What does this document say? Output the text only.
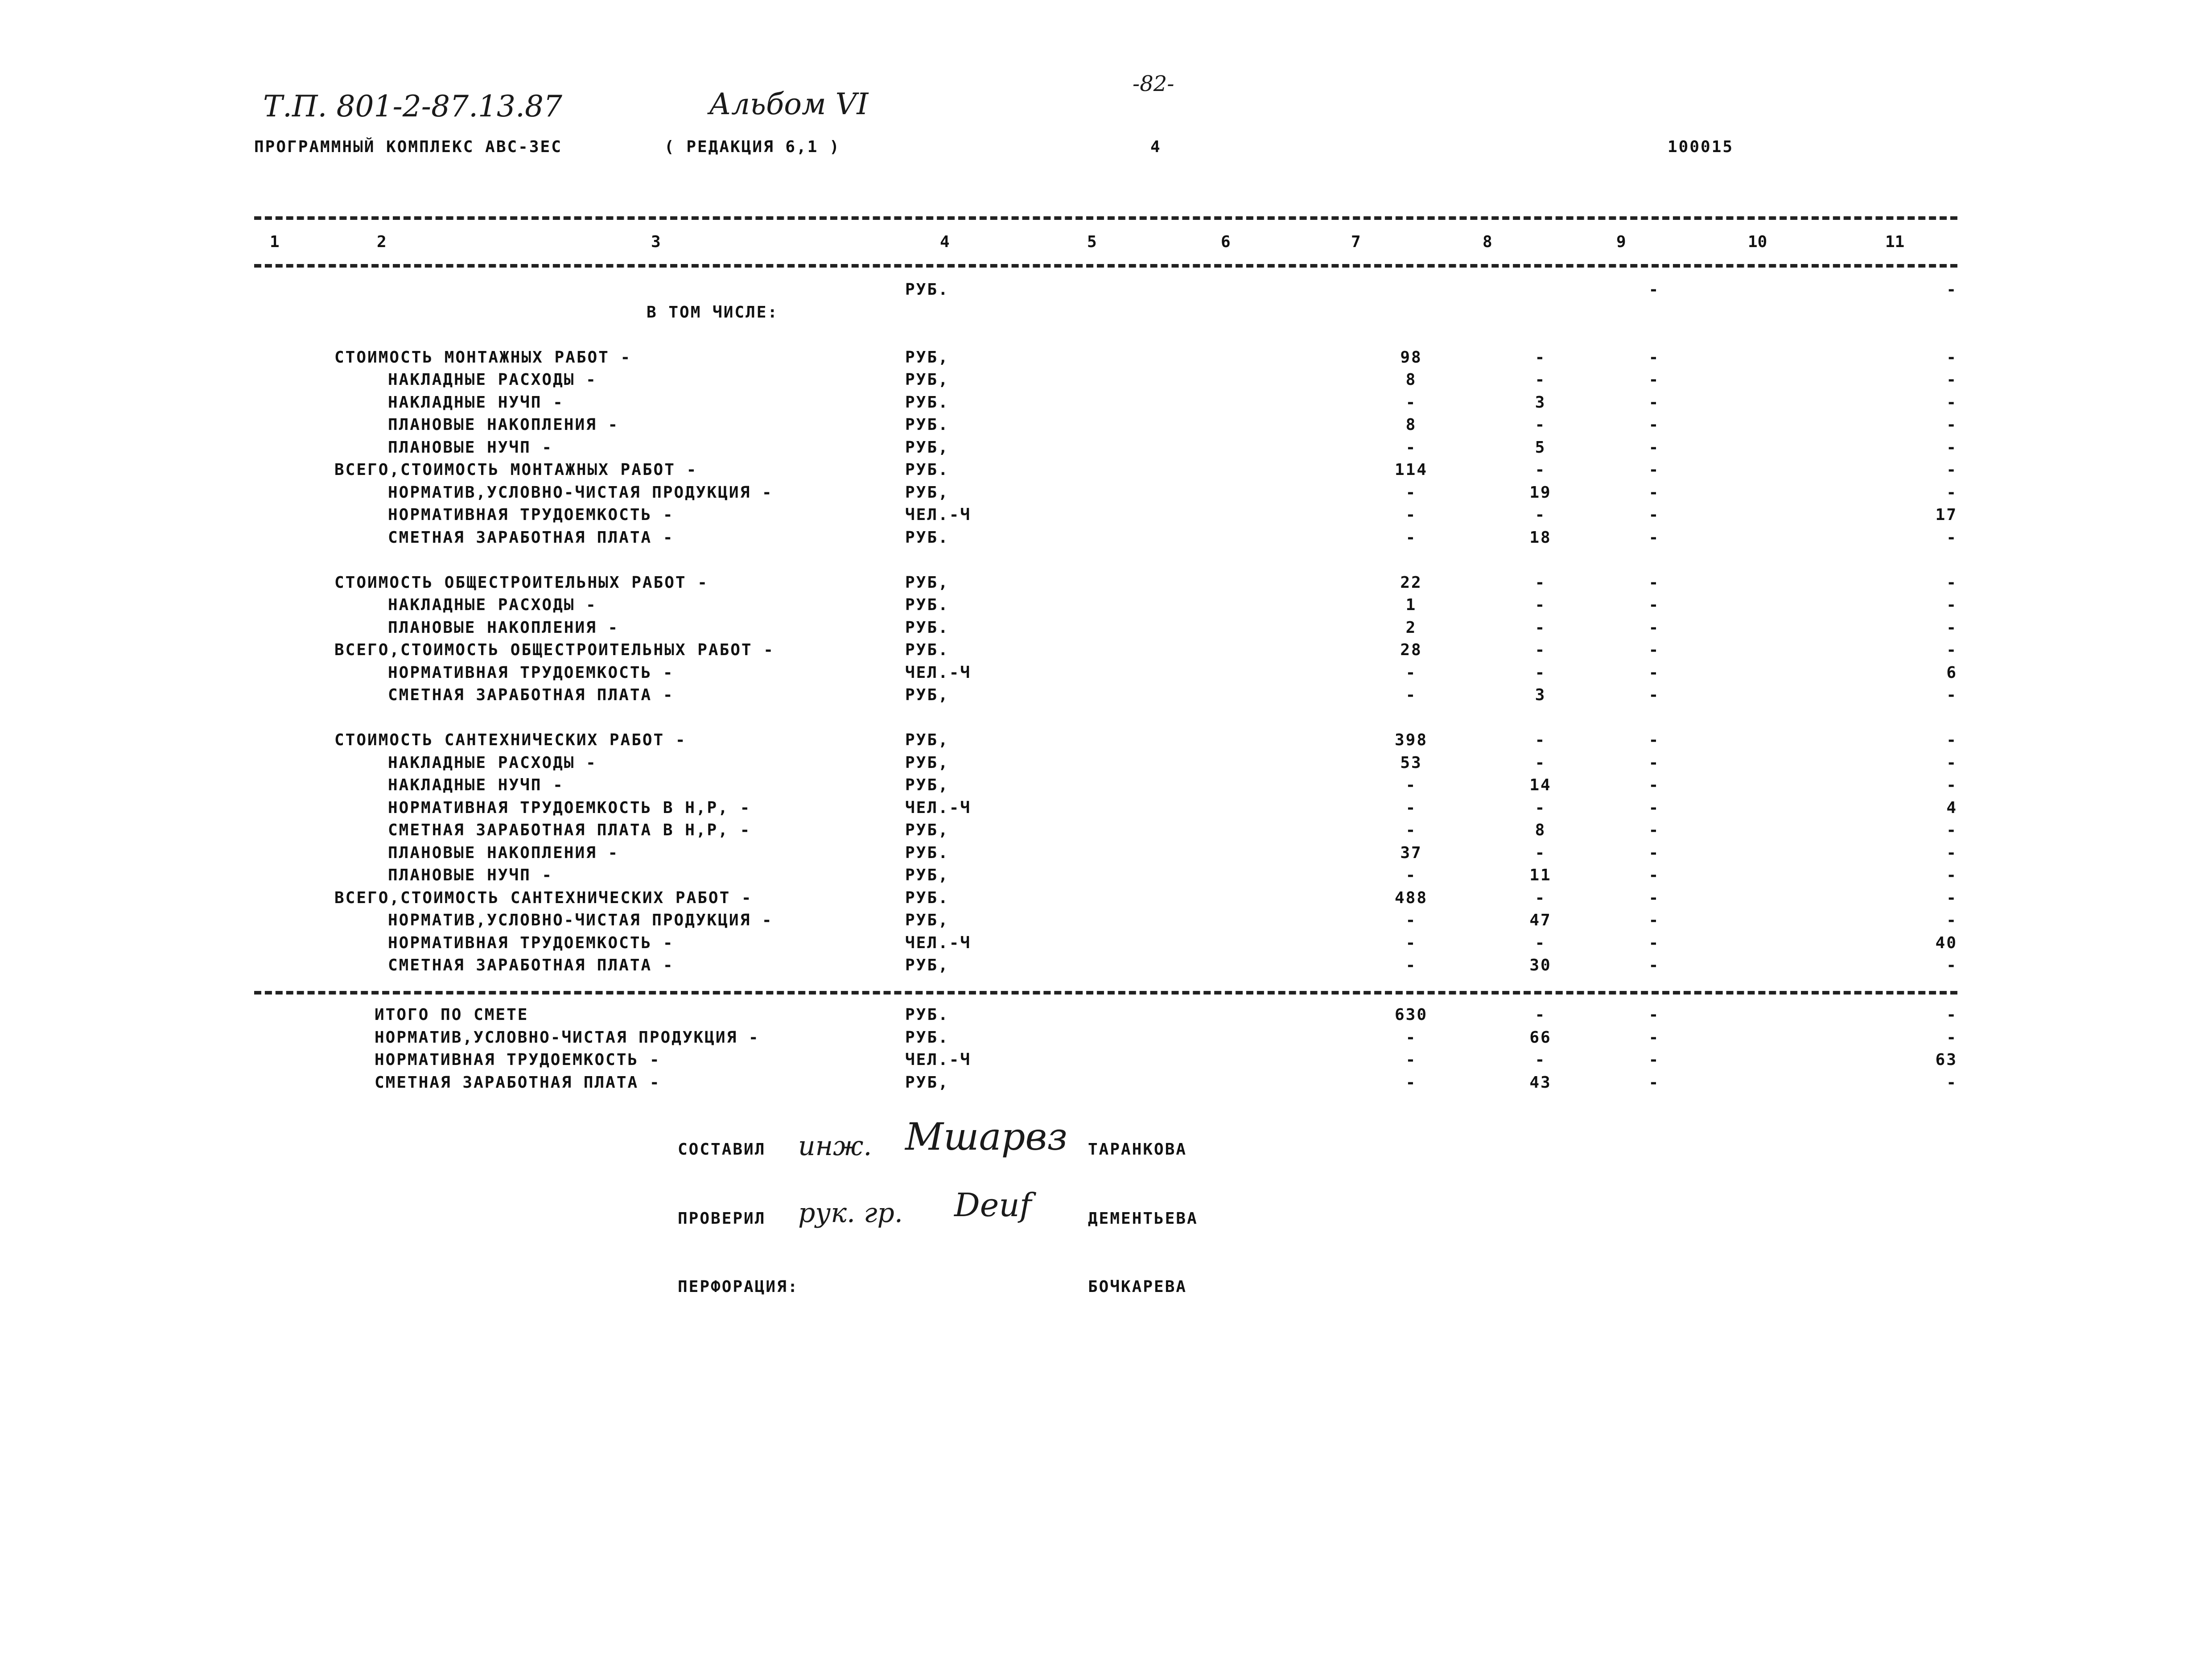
Т.П. 801-2-87.13.87	Альбом VI
-82-
ПРОГРАММНЫЙ КОМПЛЕКС АВС-3ЕС	( РЕДАКЦИЯ 6,1 )	4	100015
1	2	3	4	5	6	7	8	9	10	11
РУБ.	-	-
В ТОМ ЧИСЛЕ:
СТОИМОСТЬ МОНТАЖНЫХ РАБОТ -	РУБ,	98	-	-	-
НАКЛАДНЫЕ РАСХОДЫ -	РУБ,	8	-	-	-
НАКЛАДНЫЕ НУЧП -	РУБ.	-	3	-	-
ПЛАНОВЫЕ НАКОПЛЕНИЯ -	РУБ.	8	-	-	-
ПЛАНОВЫЕ НУЧП -	РУБ,	-	5	-	-
ВСЕГО,СТОИМОСТЬ МОНТАЖНЫХ РАБОТ -	РУБ.	114	-	-	-
НОРМАТИВ,УСЛОВНО-ЧИСТАЯ ПРОДУКЦИЯ -	РУБ,	-	19	-	-
НОРМАТИВНАЯ ТРУДОЕМКОСТЬ -	ЧЕЛ.-Ч	-	-	-	17
СМЕТНАЯ ЗАРАБОТНАЯ ПЛАТА -	РУБ.	-	18	-	-
СТОИМОСТЬ ОБЩЕСТРОИТЕЛЬНЫХ РАБОТ -	РУБ,	22	-	-	-
НАКЛАДНЫЕ РАСХОДЫ -	РУБ.	1	-	-	-
ПЛАНОВЫЕ НАКОПЛЕНИЯ -	РУБ.	2	-	-	-
ВСЕГО,СТОИМОСТЬ ОБЩЕСТРОИТЕЛЬНЫХ РАБОТ -	РУБ.	28	-	-	-
НОРМАТИВНАЯ ТРУДОЕМКОСТЬ -	ЧЕЛ.-Ч	-	-	-	6
СМЕТНАЯ ЗАРАБОТНАЯ ПЛАТА -	РУБ,	-	3	-	-
СТОИМОСТЬ САНТЕХНИЧЕСКИХ РАБОТ -	РУБ,	398	-	-	-
НАКЛАДНЫЕ РАСХОДЫ -	РУБ,	53	-	-	-
НАКЛАДНЫЕ НУЧП -	РУБ,	-	14	-	-
НОРМАТИВНАЯ ТРУДОЕМКОСТЬ В Н,Р, -	ЧЕЛ.-Ч	-	-	-	4
СМЕТНАЯ ЗАРАБОТНАЯ ПЛАТА В Н,Р, -	РУБ,	-	8	-	-
ПЛАНОВЫЕ НАКОПЛЕНИЯ -	РУБ.	37	-	-	-
ПЛАНОВЫЕ НУЧП -	РУБ,	-	11	-	-
ВСЕГО,СТОИМОСТЬ САНТЕХНИЧЕСКИХ РАБОТ -	РУБ.	488	-	-	-
НОРМАТИВ,УСЛОВНО-ЧИСТАЯ ПРОДУКЦИЯ -	РУБ,	-	47	-	-
НОРМАТИВНАЯ ТРУДОЕМКОСТЬ -	ЧЕЛ.-Ч	-	-	-	40
СМЕТНАЯ ЗАРАБОТНАЯ ПЛАТА -	РУБ,	-	30	-	-
ИТОГО ПО СМЕТЕ	РУБ.	630	-	-	-
НОРМАТИВ,УСЛОВНО-ЧИСТАЯ ПРОДУКЦИЯ -	РУБ.	-	66	-	-
НОРМАТИВНАЯ ТРУДОЕМКОСТЬ -	ЧЕЛ.-Ч	-	-	-	63
СМЕТНАЯ ЗАРАБОТНАЯ ПЛАТА -	РУБ,	-	43	-	-
СОСТАВИЛ инж. Мшарвз ТАРАНКОВА
ПРОВЕРИЛ рук. гр. Deuf	ДЕМЕНТЬЕВА
ПЕРФОРАЦИЯ:	БОЧКАРЕВА
